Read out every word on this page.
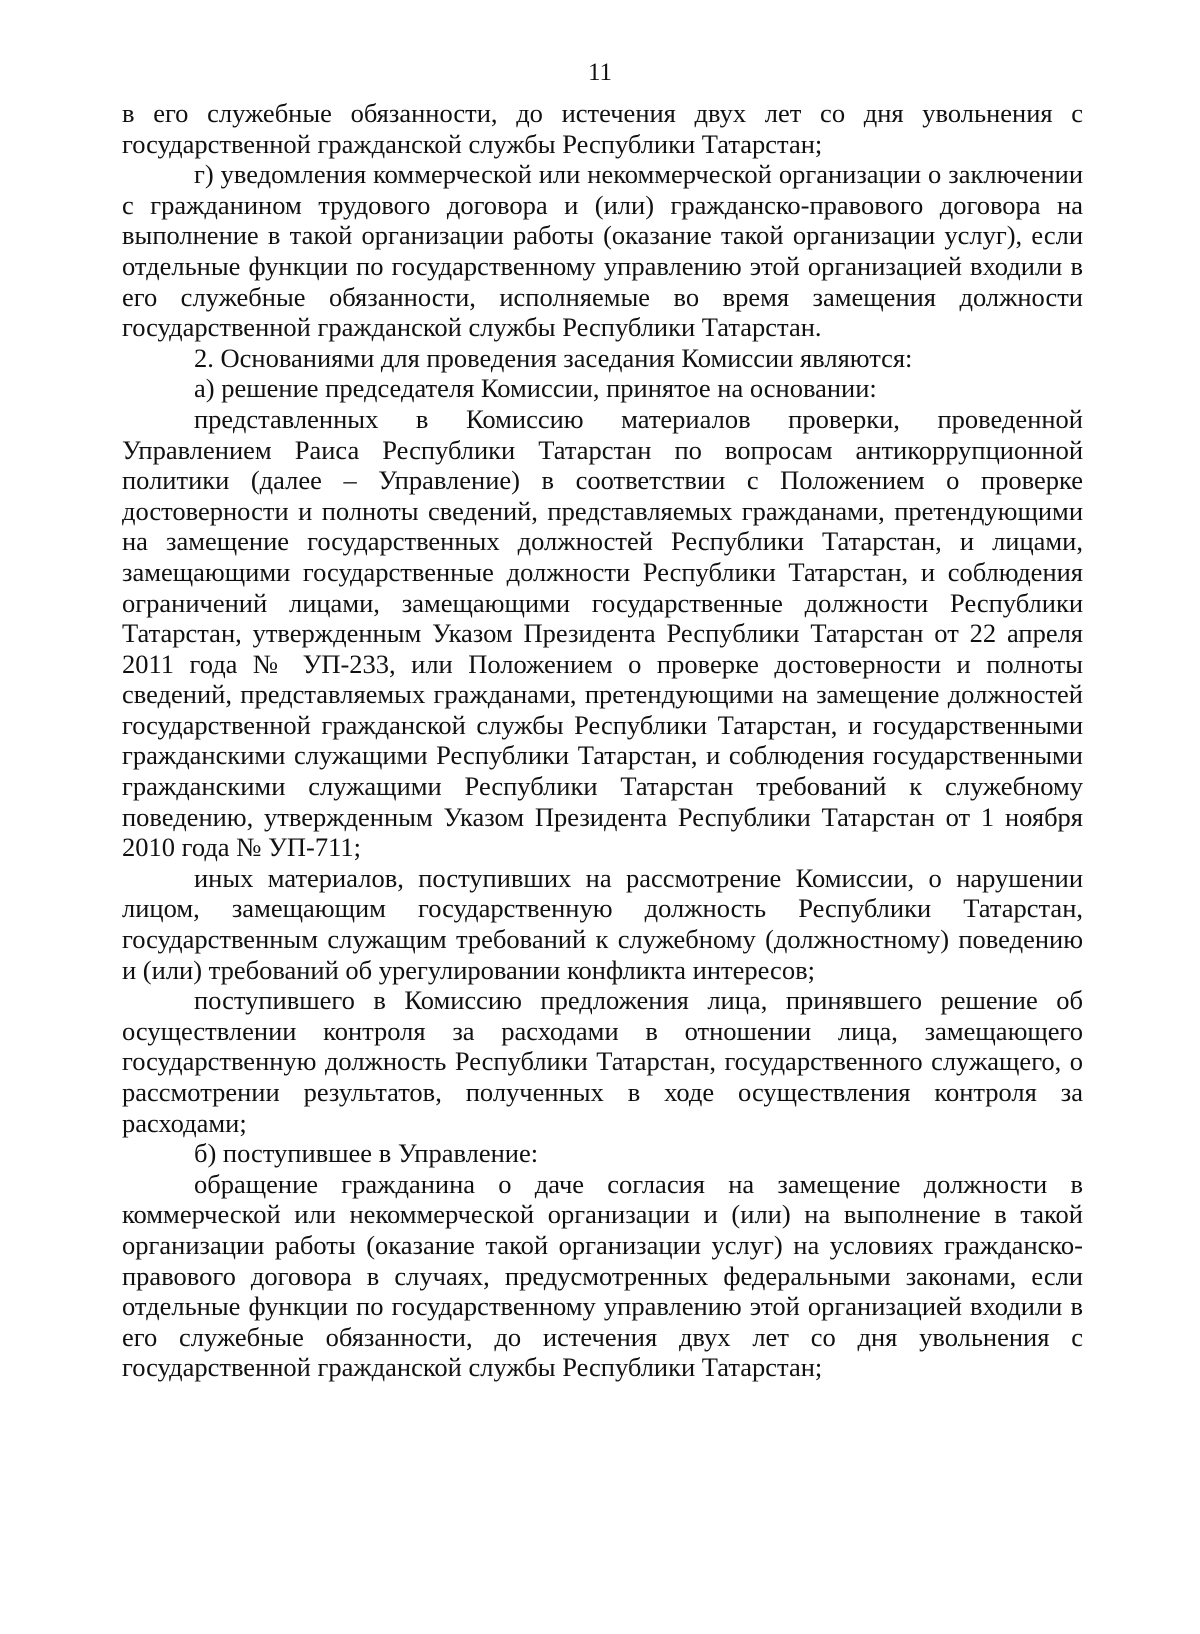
11

в его служебные обязанности, до истечения двух лет со дня увольнения с государственной гражданской службы Республики Татарстан;

г) уведомления коммерческой или некоммерческой организации о заключении с гражданином трудового договора и (или) гражданско-правового договора на выполнение в такой организации работы (оказание такой организации услуг), если отдельные функции по государственному управлению этой организацией входили в его служебные обязанности, исполняемые во время замещения должности государственной гражданской службы Республики Татарстан.

2. Основаниями для проведения заседания Комиссии являются:

а) решение председателя Комиссии, принятое на основании:

представленных в Комиссию материалов проверки, проведенной Управлением Раиса Республики Татарстан по вопросам антикоррупционной политики (далее – Управление) в соответствии с Положением о проверке достоверности и полноты сведений, представляемых гражданами, претендующими на замещение государственных должностей Республики Татарстан, и лицами, замещающими государственные должности Республики Татарстан, и соблюдения ограничений лицами, замещающими государственные должности Республики Татарстан, утвержденным Указом Президента Республики Татарстан от 22 апреля 2011 года № УП-233, или Положением о проверке достоверности и полноты сведений, представляемых гражданами, претендующими на замещение должностей государственной гражданской службы Республики Татарстан, и государственными гражданскими служащими Республики Татарстан, и соблюдения государственными гражданскими служащими Республики Татарстан требований к служебному поведению, утвержденным Указом Президента Республики Татарстан от 1 ноября 2010 года № УП-711;

иных материалов, поступивших на рассмотрение Комиссии, о нарушении лицом, замещающим государственную должность Республики Татарстан, государственным служащим требований к служебному (должностному) поведению и (или) требований об урегулировании конфликта интересов;

поступившего в Комиссию предложения лица, принявшего решение об осуществлении контроля за расходами в отношении лица, замещающего государственную должность Республики Татарстан, государственного служащего, о рассмотрении результатов, полученных в ходе осуществления контроля за расходами;

б) поступившее в Управление:

обращение гражданина о даче согласия на замещение должности в коммерческой или некоммерческой организации и (или) на выполнение в такой организации работы (оказание такой организации услуг) на условиях гражданско-правового договора в случаях, предусмотренных федеральными законами, если отдельные функции по государственному управлению этой организацией входили в его служебные обязанности, до истечения двух лет со дня увольнения с государственной гражданской службы Республики Татарстан;
